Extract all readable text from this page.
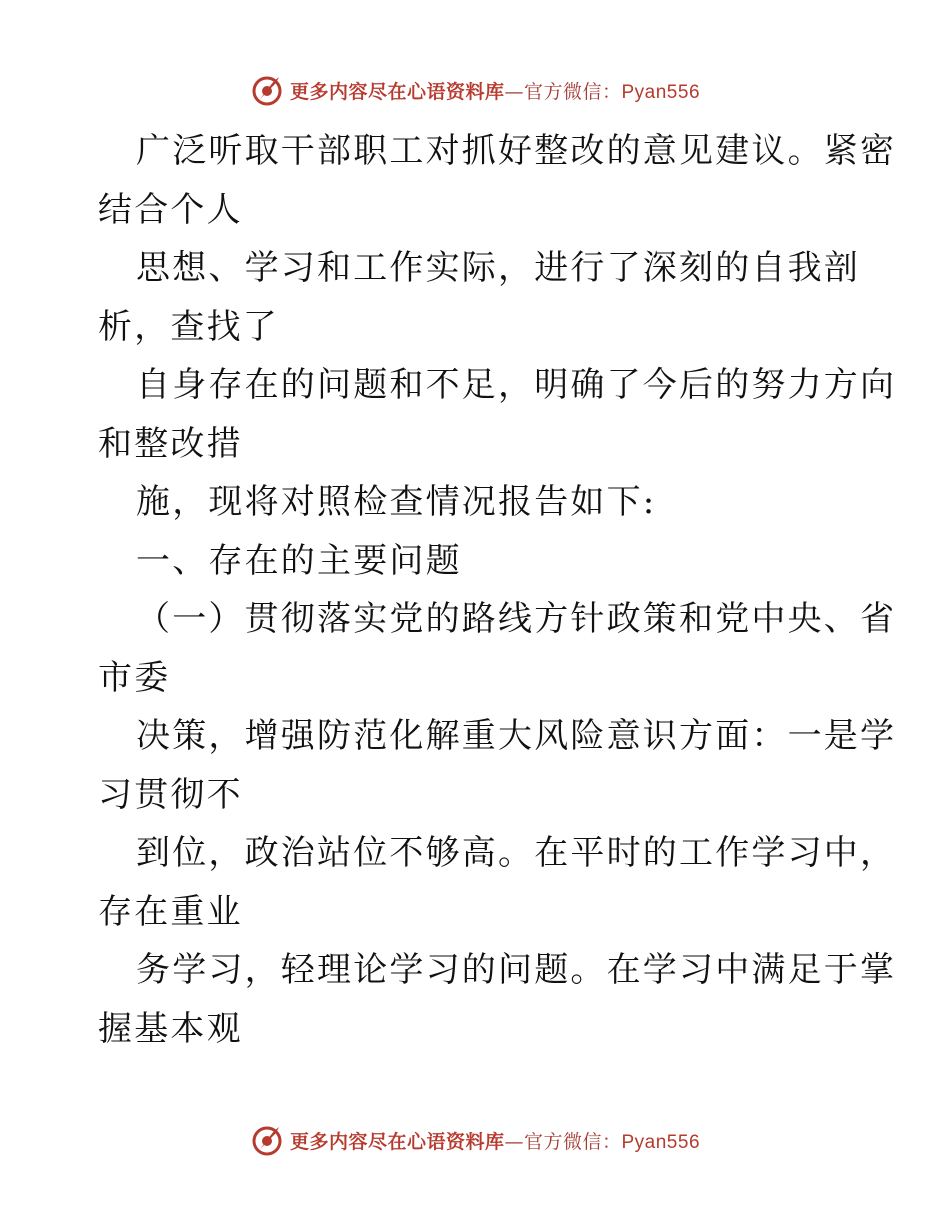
更多内容尽在心语资料库—官方微信：Pyan556
广泛听取干部职工对抓好整改的意见建议。紧密
结合个人
思想、学习和工作实际，进行了深刻的自我剖
析，查找了
自身存在的问题和不足，明确了今后的努力方向
和整改措
施，现将对照检查情况报告如下:
一、存在的主要问题
（一）贯彻落实党的路线方针政策和党中央、省
市委
决策，增强防范化解重大风险意识方面：一是学
习贯彻不
到位，政治站位不够高。在平时的工作学习中，
存在重业
务学习，轻理论学习的问题。在学习中满足于掌
握基本观
更多内容尽在心语资料库—官方微信：Pyan556
